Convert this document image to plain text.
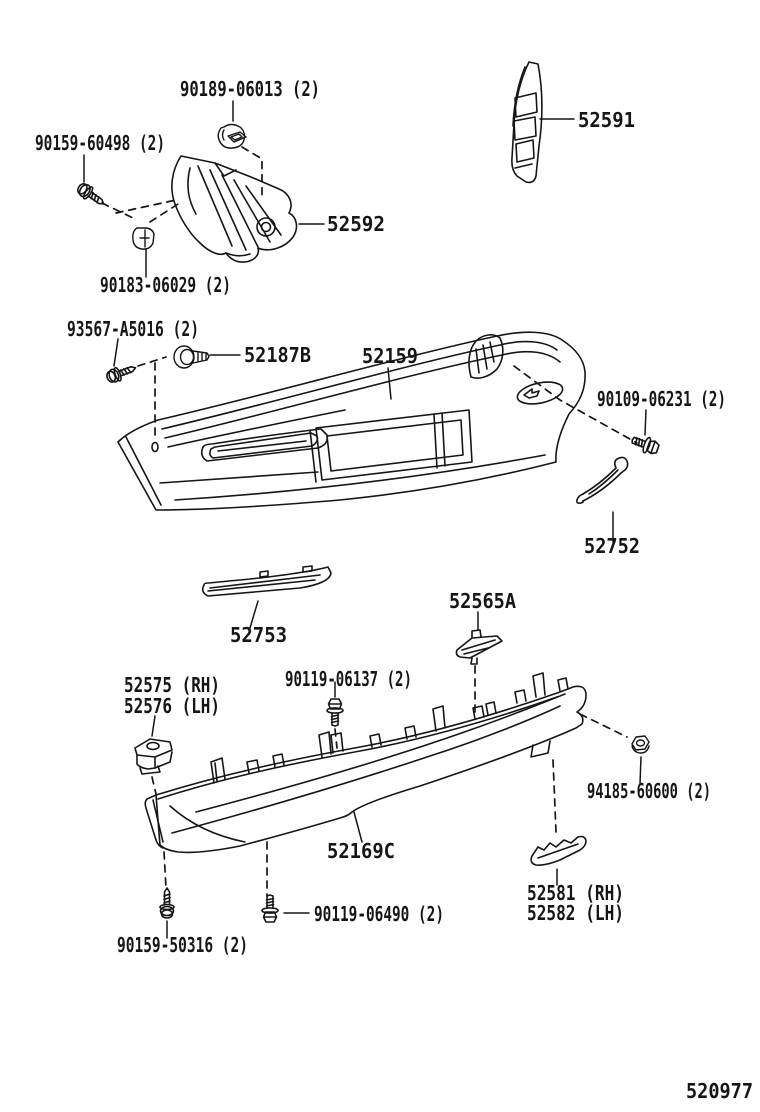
90189-06013 (2)
52591
90159-60498 (2)
52592
90183-06029 (2)
93567-A5016 (2)
52187B	52159
90109-06231 (2)
52752
52753
52565A
90119-06137 (2)
52575 (RH)
52576 (LH)
52169C
94185-60600 (2)
52581 (RH)
52582 (LH)
90119-06490 (2)
90159-50316 (2)
520977
